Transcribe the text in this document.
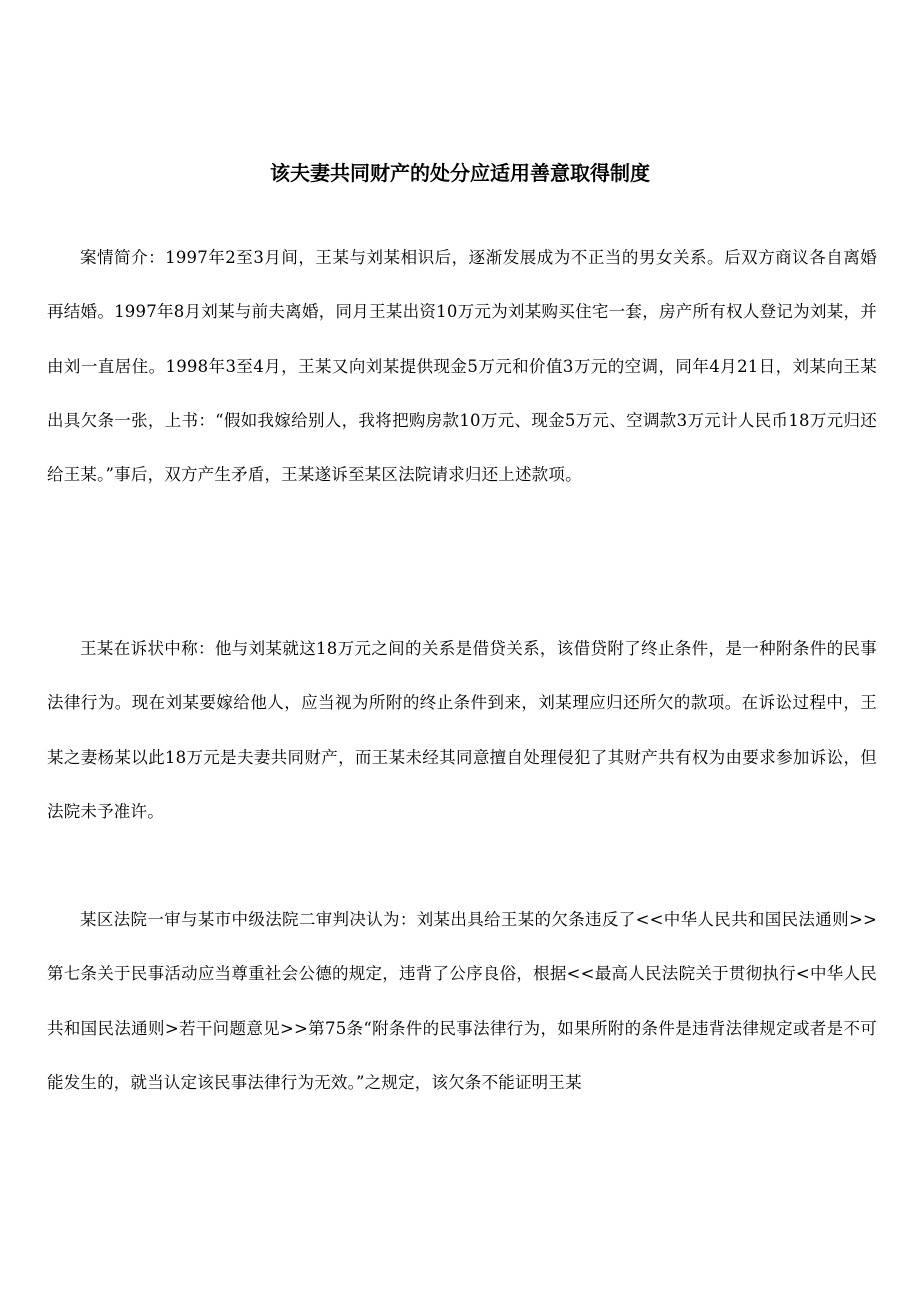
该夫妻共同财产的处分应适用善意取得制度

案情简介：1997年2至3月间，王某与刘某相识后，逐渐发展成为不正当的男女关系。后双方商议各自离婚再结婚。1997年8月刘某与前夫离婚，同月王某出资10万元为刘某购买住宅一套，房产所有权人登记为刘某，并由刘一直居住。1998年3至4月，王某又向刘某提供现金5万元和价值3万元的空调，同年4月21日，刘某向王某出具欠条一张，上书：“假如我嫁给别人，我将把购房款10万元、现金5万元、空调款3万元计人民币18万元归还给王某。”事后，双方产生矛盾，王某遂诉至某区法院请求归还上述款项。

王某在诉状中称：他与刘某就这18万元之间的关系是借贷关系，该借贷附了终止条件，是一种附条件的民事法律行为。现在刘某要嫁给他人，应当视为所附的终止条件到来，刘某理应归还所欠的款项。在诉讼过程中，王某之妻杨某以此18万元是夫妻共同财产，而王某未经其同意擅自处理侵犯了其财产共有权为由要求参加诉讼，但法院未予准许。

某区法院一审与某市中级法院二审判决认为：刘某出具给王某的欠条违反了<<中华人民共和国民法通则>>第七条关于民事活动应当尊重社会公德的规定，违背了公序良俗，根据<<最高人民法院关于贯彻执行<中华人民共和国民法通则>若干问题意见>>第75条“附条件的民事法律行为，如果所附的条件是违背法律规定或者是不可能发生的，就当认定该民事法律行为无效。”之规定，该欠条不能证明王某
